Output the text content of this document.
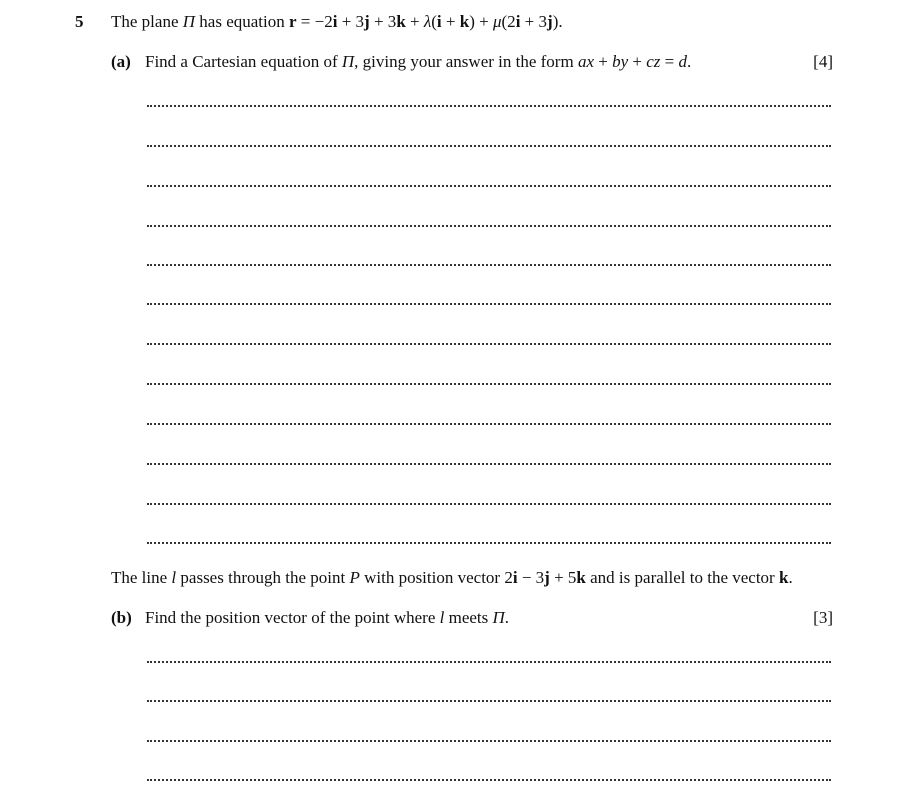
5 The plane Π has equation r = −2i + 3j + 3k + λ(i + k) + μ(2i + 3j).
(a) Find a Cartesian equation of Π, giving your answer in the form ax + by + cz = d.	[4]
The line l passes through the point P with position vector 2i − 3j + 5k and is parallel to the vector k.
(b) Find the position vector of the point where l meets Π.	[3]
